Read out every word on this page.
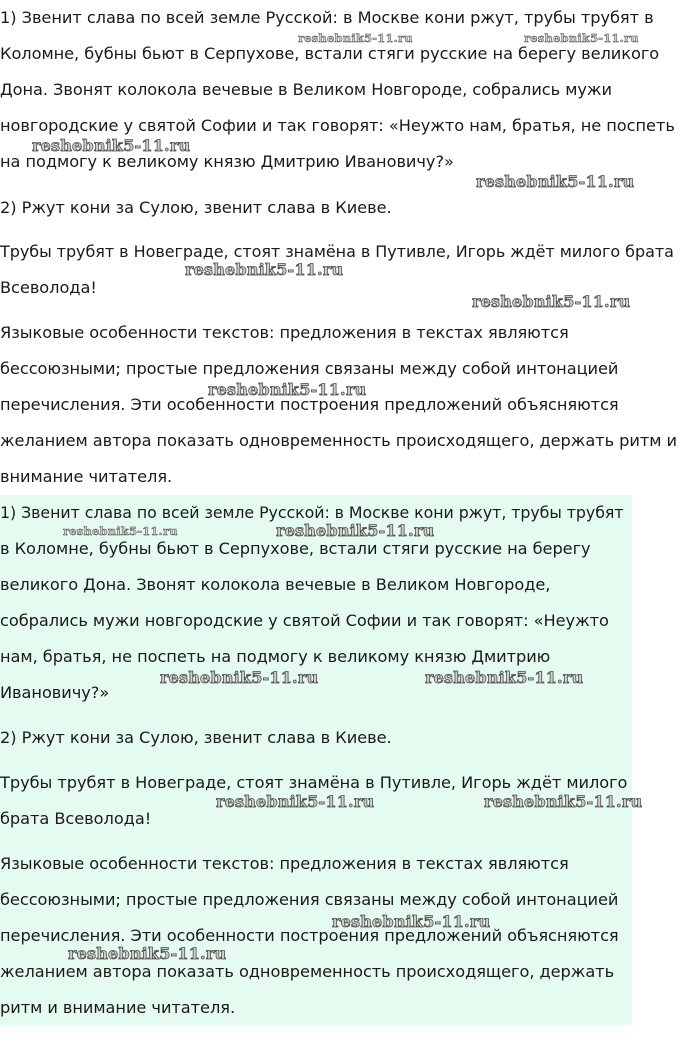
1) Звенит слава по всей земле Русской: в Москве кони ржут, трубы трубят в
Коломне, бубны бьют в Серпухове, встали стяги русские на берегу великого
Дона. Звонят колокола вечевые в Великом Новгороде, собрались мужи
новгородские у святой Софии и так говорят: «Неужто нам, братья, не поспеть
на подмогу к великому князю Дмитрию Ивановичу?»
2) Ржут кони за Сулою, звенит слава в Киеве.
Трубы трубят в Новеграде, стоят знамёна в Путивле, Игорь ждёт милого брата
Всеволода!
Языковые особенности текстов: предложения в текстах являются
бессоюзными; простые предложения связаны между собой интонацией
перечисления. Эти особенности построения предложений объясняются
желанием автора показать одновременность происходящего, держать ритм и
внимание читателя.
1) Звенит слава по всей земле Русской: в Москве кони ржут, трубы трубят
в Коломне, бубны бьют в Серпухове, встали стяги русские на берегу
великого Дона. Звонят колокола вечевые в Великом Новгороде,
собрались мужи новгородские у святой Софии и так говорят: «Неужто
нам, братья, не поспеть на подмогу к великому князю Дмитрию
Ивановичу?»
2) Ржут кони за Сулою, звенит слава в Киеве.
Трубы трубят в Новеграде, стоят знамёна в Путивле, Игорь ждёт милого
брата Всеволода!
Языковые особенности текстов: предложения в текстах являются
бессоюзными; простые предложения связаны между собой интонацией
перечисления. Эти особенности построения предложений объясняются
желанием автора показать одновременность происходящего, держать
ритм и внимание читателя.
reshebnik5-11.ru	reshebnik5-11.ru
reshebnik5-11.ru
reshebnik5-11.ru
reshebnik5-11.ru
reshebnik5-11.ru
reshebnik5-11.ru
reshebnik5-11.ru	reshebnik5-11.ru
reshebnik5-11.ru	reshebnik5-11.ru
reshebnik5-11.ru	reshebnik5-11.ru
reshebnik5-11.ru
reshebnik5-11.ru
